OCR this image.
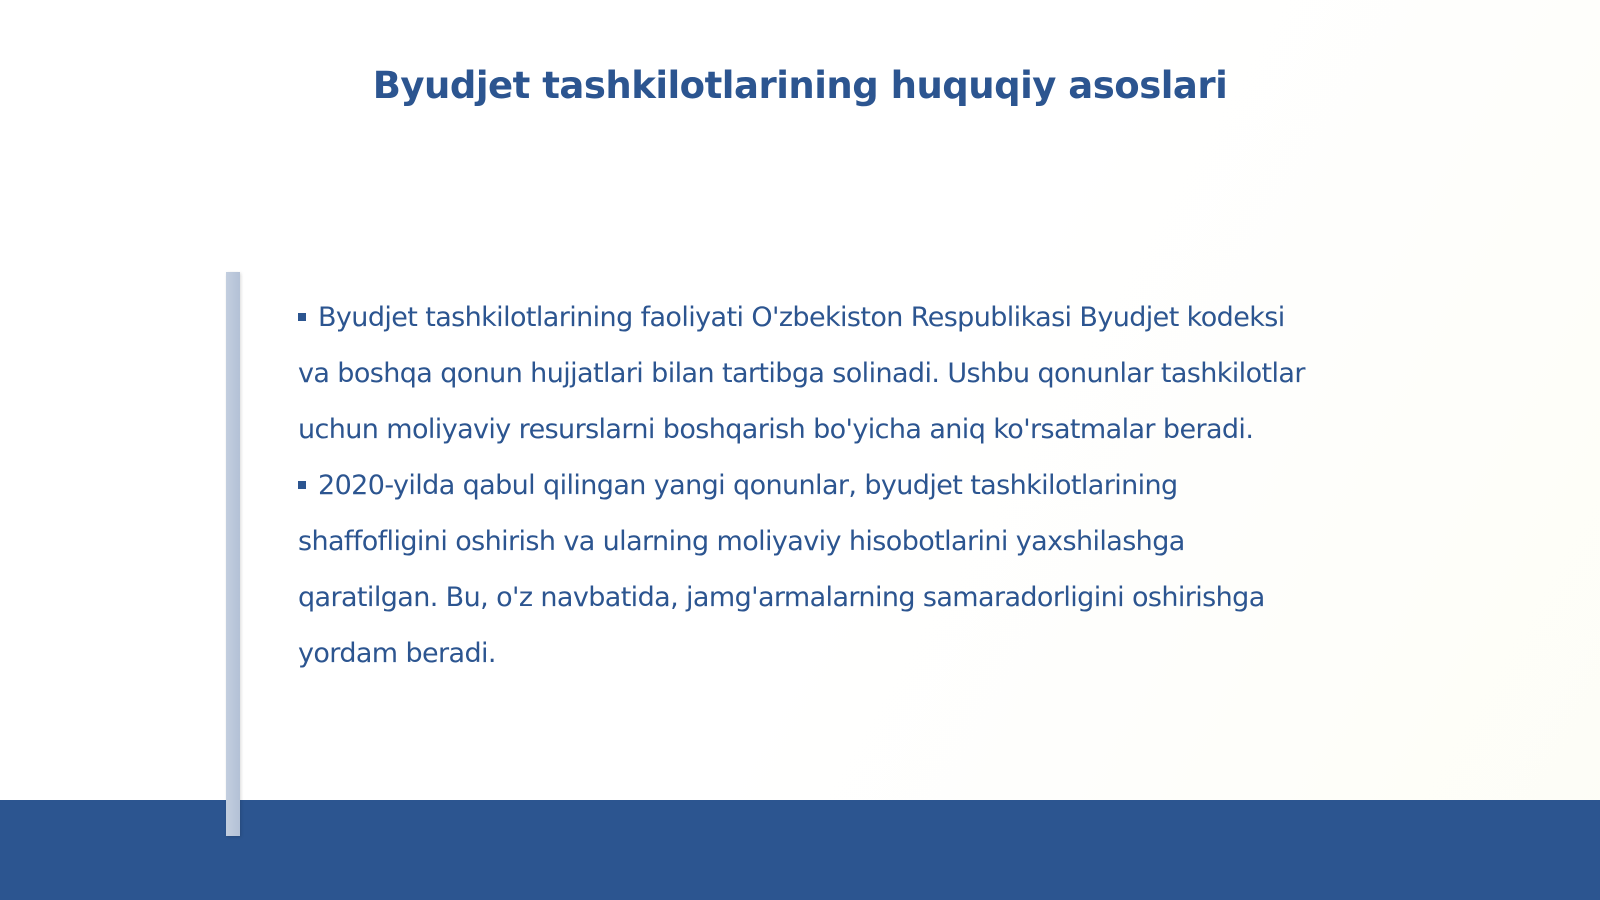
Byudjet tashkilotlarining huquqiy asoslari

Byudjet tashkilotlarining faoliyati O'zbekiston Respublikasi Byudjet kodeksi va boshqa qonun hujjatlari bilan tartibga solinadi. Ushbu qonunlar tashkilotlar uchun moliyaviy resurslarni boshqarish bo'yicha aniq ko'rsatmalar beradi.

2020-yilda qabul qilingan yangi qonunlar, byudjet tashkilotlarining shaffofligini oshirish va ularning moliyaviy hisobotlarini yaxshilashga qaratilgan. Bu, o'z navbatida, jamg'armalarning samaradorligini oshirishga yordam beradi.
